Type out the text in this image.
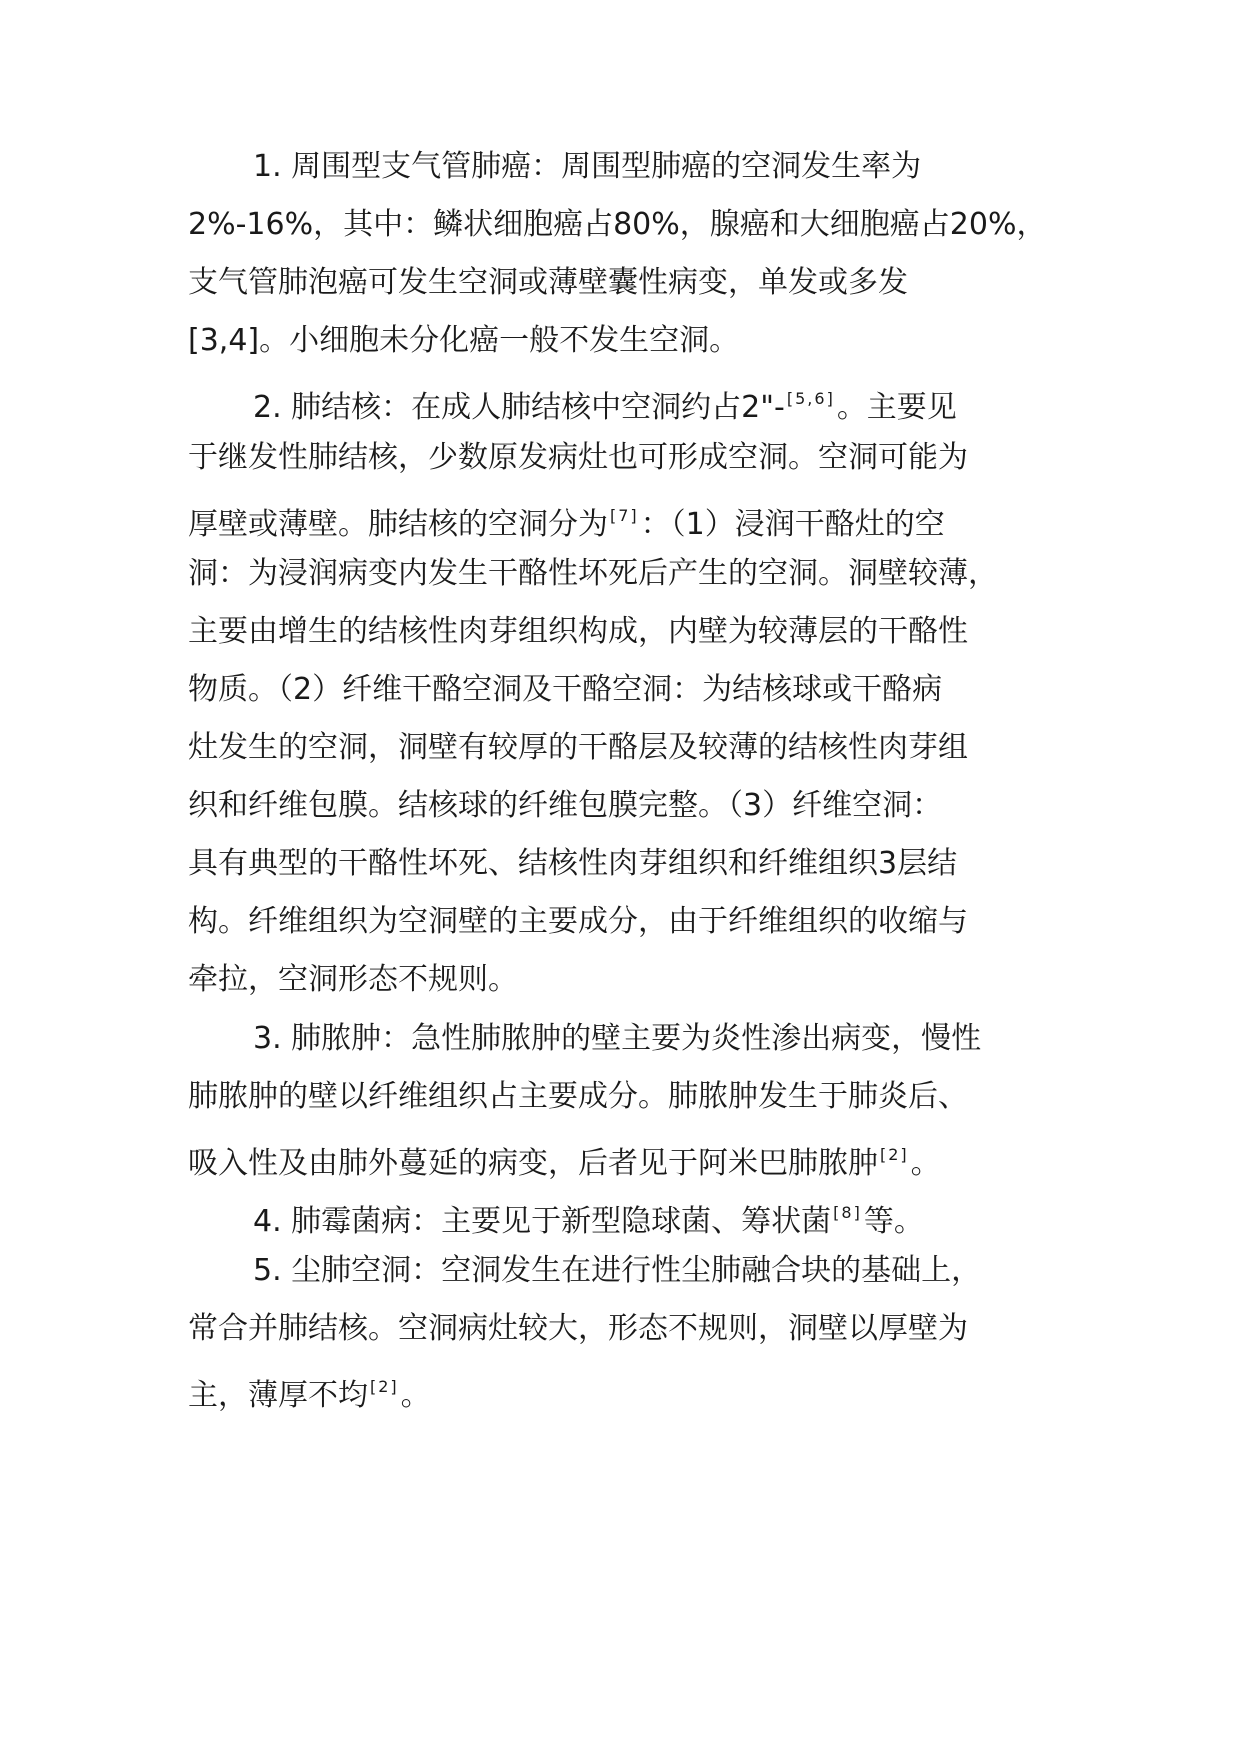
1. 周围型支气管肺癌：周围型肺癌的空洞发生率为
2%-16%，其中：鳞状细胞癌占80%，腺癌和大细胞癌占20%，
支气管肺泡癌可发生空洞或薄壁囊性病变，单发或多发
[3,4]。小细胞未分化癌一般不发生空洞。
2. 肺结核：在成人肺结核中空洞约占2"- [5,6]。主要见
于继发性肺结核，少数原发病灶也可形成空洞。空洞可能为
厚壁或薄壁。肺结核的空洞分为 [7]：（1）浸润干酪灶的空
洞：为浸润病变内发生干酪性坏死后产生的空洞。洞壁较薄，
主要由增生的结核性肉芽组织构成，内壁为较薄层的干酪性
物质。（2）纤维干酪空洞及干酪空洞：为结核球或干酪病
灶发生的空洞，洞壁有较厚的干酪层及较薄的结核性肉芽组
织和纤维包膜。结核球的纤维包膜完整。（3）纤维空洞：
具有典型的干酪性坏死、结核性肉芽组织和纤维组织3层结
构。纤维组织为空洞壁的主要成分，由于纤维组织的收缩与
牵拉，空洞形态不规则。
3. 肺脓肿：急性肺脓肿的壁主要为炎性渗出病变，慢性
肺脓肿的壁以纤维组织占主要成分。肺脓肿发生于肺炎后、
吸入性及由肺外蔓延的病变，后者见于阿米巴肺脓肿 [2]。
4. 肺霉菌病：主要见于新型隐球菌、筹状菌 [8]等。
5. 尘肺空洞：空洞发生在进行性尘肺融合块的基础上，
常合并肺结核。空洞病灶较大，形态不规则，洞壁以厚壁为
主，薄厚不均 [2]。
